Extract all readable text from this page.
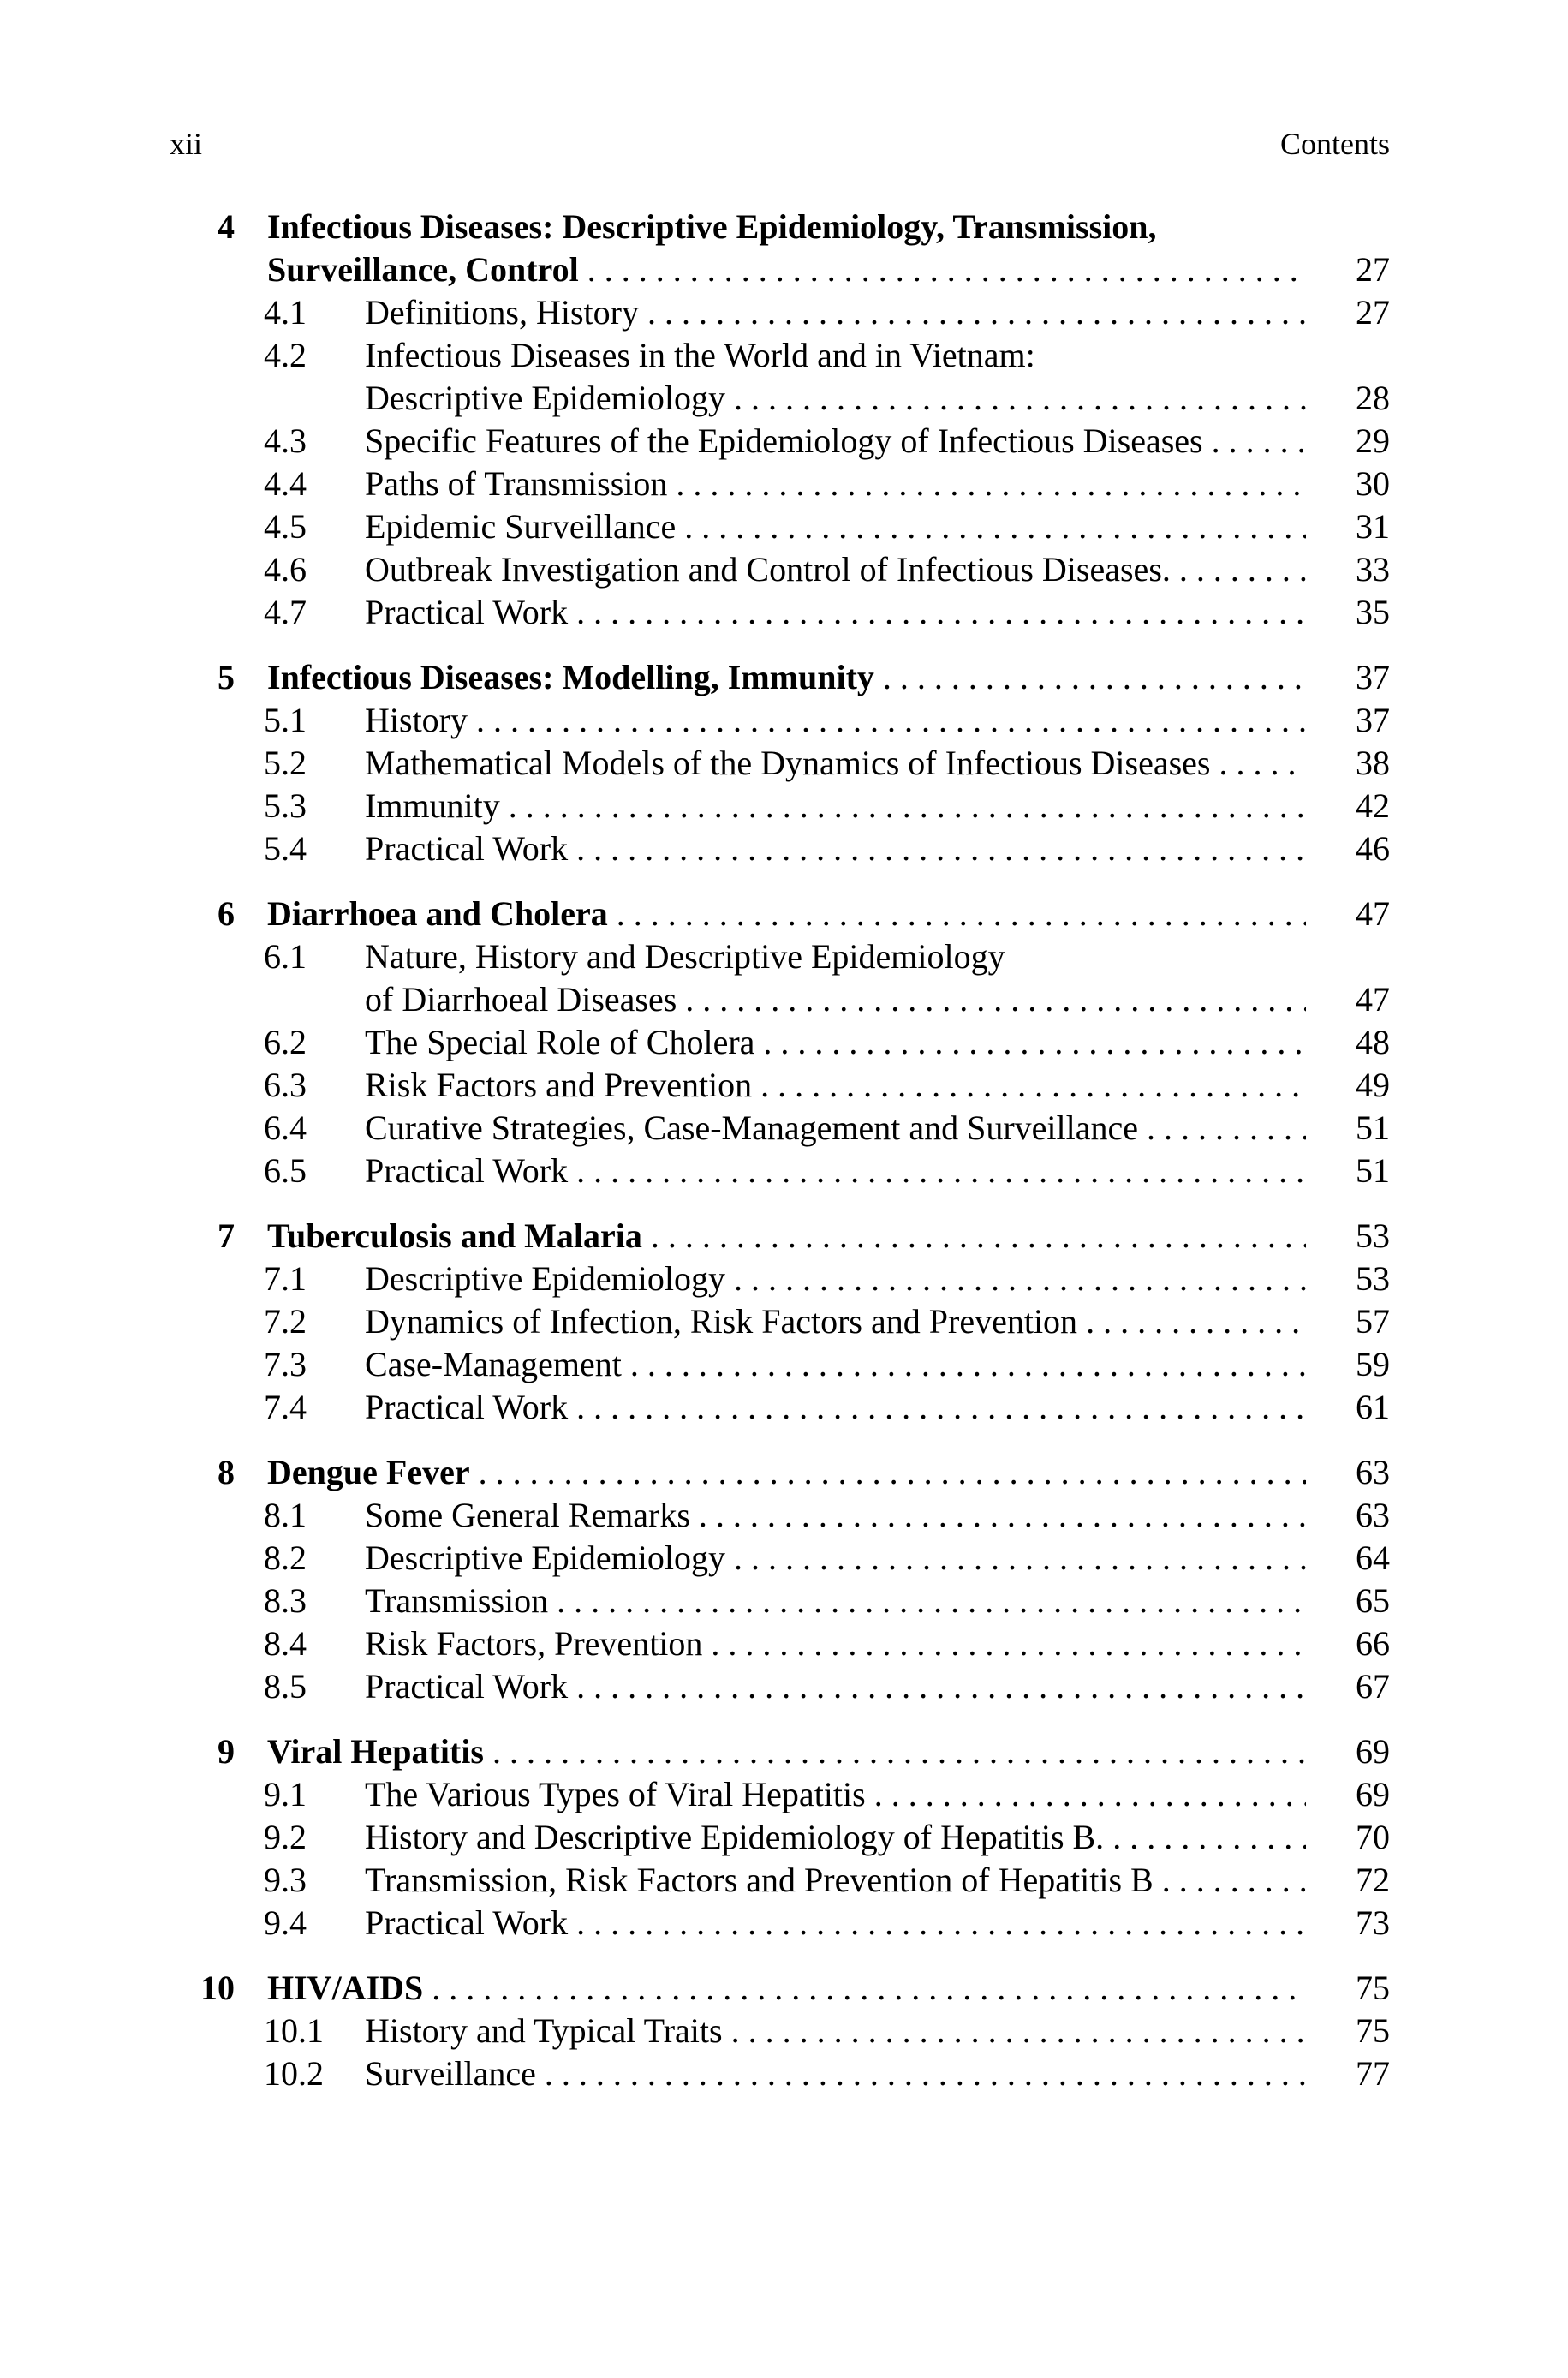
xii	Contents
4 Infectious Diseases: Descriptive Epidemiology, Transmission,
Surveillance, Control . . .	27
4.1 Definitions, History . . .	27
4.2 Infectious Diseases in the World and in Vietnam:
Descriptive Epidemiology . . .	28
4.3 Specific Features of the Epidemiology of Infectious Diseases . . .	29
4.4 Paths of Transmission . . .	30
4.5 Epidemic Surveillance . . .	31
4.6 Outbreak Investigation and Control of Infectious Diseases. . . .	33
4.7 Practical Work . . .	35
5 Infectious Diseases: Modelling, Immunity . . .	37
5.1 History . . .	37
5.2 Mathematical Models of the Dynamics of Infectious Diseases . . .	38
5.3 Immunity . . .	42
5.4 Practical Work . . .	46
6 Diarrhoea and Cholera . . .	47
6.1 Nature, History and Descriptive Epidemiology
of Diarrhoeal Diseases . . .	47
6.2 The Special Role of Cholera . . .	48
6.3 Risk Factors and Prevention . . .	49
6.4 Curative Strategies, Case-Management and Surveillance . . .	51
6.5 Practical Work . . .	51
7 Tuberculosis and Malaria . . .	53
7.1 Descriptive Epidemiology . . .	53
7.2 Dynamics of Infection, Risk Factors and Prevention . . .	57
7.3 Case-Management . . .	59
7.4 Practical Work . . .	61
8 Dengue Fever . . .	63
8.1 Some General Remarks . . .	63
8.2 Descriptive Epidemiology . . .	64
8.3 Transmission . . .	65
8.4 Risk Factors, Prevention . . .	66
8.5 Practical Work . . .	67
9 Viral Hepatitis . . .	69
9.1 The Various Types of Viral Hepatitis . . .	69
9.2 History and Descriptive Epidemiology of Hepatitis B. . . .	70
9.3 Transmission, Risk Factors and Prevention of Hepatitis B . . .	72
9.4 Practical Work . . .	73
10 HIV/AIDS . . .	75
10.1 History and Typical Traits . . .	75
10.2 Surveillance . . .	77
